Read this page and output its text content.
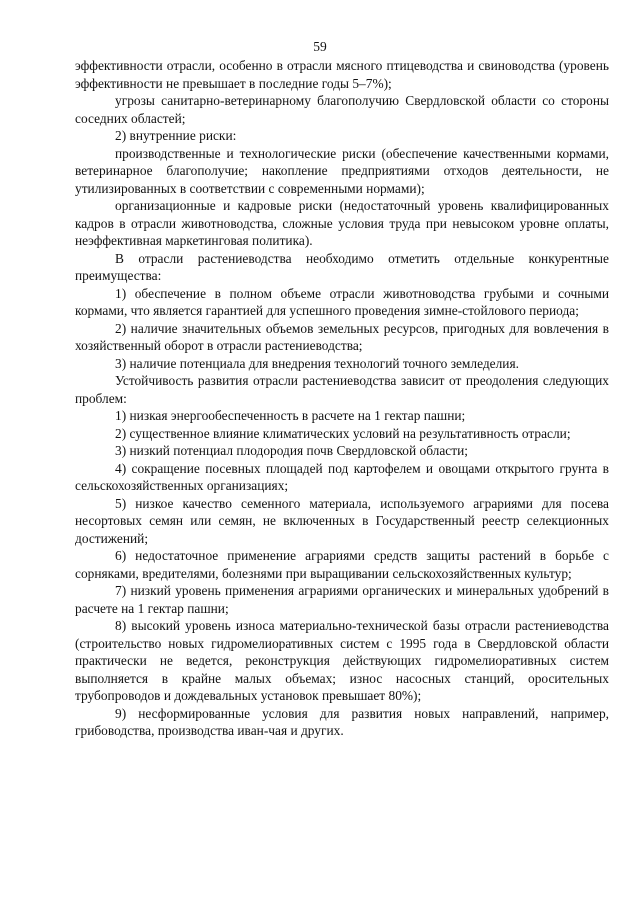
59

эффективности отрасли, особенно в отрасли мясного птицеводства и свиноводства (уровень эффективности не превышает в последние годы 5–7%);

угрозы санитарно-ветеринарному благополучию Свердловской области со стороны соседних областей;

2) внутренние риски:

производственные и технологические риски (обеспечение качественными кормами, ветеринарное благополучие; накопление предприятиями отходов деятельности, не утилизированных в соответствии с современными нормами);

организационные и кадровые риски (недостаточный уровень квалифицированных кадров в отрасли животноводства, сложные условия труда при невысоком уровне оплаты, неэффективная маркетинговая политика).

В отрасли растениеводства необходимо отметить отдельные конкурентные преимущества:

1) обеспечение в полном объеме отрасли животноводства грубыми и сочными кормами, что является гарантией для успешного проведения зимне-стойлового периода;

2) наличие значительных объемов земельных ресурсов, пригодных для вовлечения в хозяйственный оборот в отрасли растениеводства;

3) наличие потенциала для внедрения технологий точного земледелия.

Устойчивость развития отрасли растениеводства зависит от преодоления следующих проблем:

1) низкая энергообеспеченность в расчете на 1 гектар пашни;

2) существенное влияние климатических условий на результативность отрасли;

3) низкий потенциал плодородия почв Свердловской области;

4) сокращение посевных площадей под картофелем и овощами открытого грунта в сельскохозяйственных организациях;

5) низкое качество семенного материала, используемого аграриями для посева несортовых семян или семян, не включенных в Государственный реестр селекционных достижений;

6) недостаточное применение аграриями средств защиты растений в борьбе с сорняками, вредителями, болезнями при выращивании сельскохозяйственных культур;

7) низкий уровень применения аграриями органических и минеральных удобрений в расчете на 1 гектар пашни;

8) высокий уровень износа материально-технической базы отрасли растениеводства (строительство новых гидромелиоративных систем с 1995 года в Свердловской области практически не ведется, реконструкция действующих гидромелиоративных систем выполняется в крайне малых объемах; износ насосных станций, оросительных трубопроводов и дождевальных установок превышает 80%);

9) несформированные условия для развития новых направлений, например, грибоводства, производства иван-чая и других.
